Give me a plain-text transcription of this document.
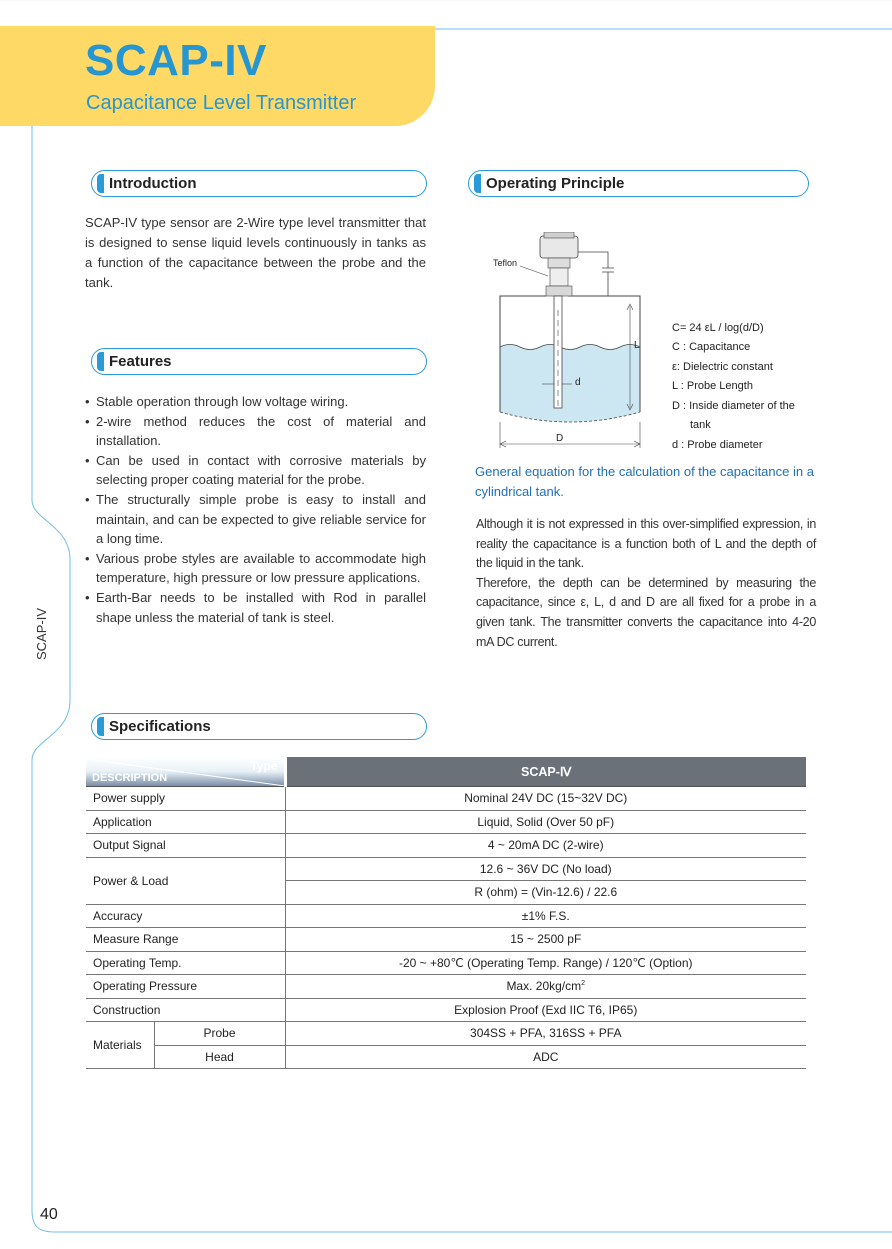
SCAP-IV
Capacitance Level Transmitter
SCAP-IV
40
Introduction
SCAP-IV type sensor are 2-Wire type level transmitter that is designed to sense liquid levels continuously in tanks as a function of the capacitance between the probe and the tank.
Features
• Stable operation through low voltage wiring.
• 2-wire method reduces the cost of material and installation.
• Can be used in contact with corrosive materials by selecting proper coating material for the probe.
• The structurally simple probe is easy to install and maintain, and can be expected to give reliable service for a long time.
• Various probe styles are available to accommodate high temperature, high pressure or low pressure applications.
• Earth-Bar needs to be installed with Rod in parallel shape unless the material of tank is steel.
Operating Principle
Teflon
L
d
D
C= 24 εL / log(d/D)
C : Capacitance
ε: Dielectric constant
L : Probe Length
D : Inside diameter of the
tank
d : Probe diameter
General equation for the calculation of the capacitance in a cylindrical tank.
Although it is not expressed in this over-simplified expression, in reality the capacitance is a function both of L and the depth of the liquid in the tank.
Therefore, the depth can be determined by measuring the capacitance, since ε, L, d and D are all fixed for a probe in a given tank. The transmitter converts the capacitance into 4-20 mA DC current.
Specifications
Type
DESCRIPTION		SCAP-Ⅳ
Power supply		Nominal 24V DC (15~32V DC)
Application		Liquid, Solid (Over 50 pF)
Output Signal		4 ~ 20mA DC (2-wire)
Power & Load		12.6 ~ 36V DC (No load)
		R (ohm) = (Vin-12.6) / 22.6
Accuracy		±1% F.S.
Measure Range		15 ~ 2500 pF
Operating Temp.		-20 ~ +80℃ (Operating Temp. Range) / 120℃ (Option)
Operating Pressure		Max. $20kg/cm^2$
Construction		Explosion Proof (Exd IIC T6, IP65)
Materials	Probe	304SS + PFA, 316SS + PFA
	Head	ADC
